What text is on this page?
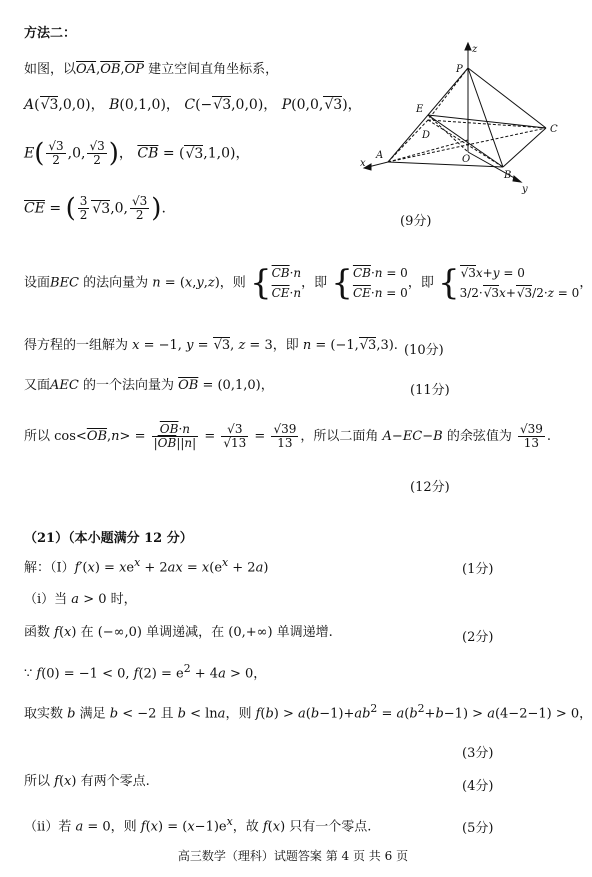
方法二：
如图，以$\overline{OA},\overline{OB},\overline{OP}$ 建立空间直角坐标系，
A(√3,0,0)， B(0,1,0)， C(−√3,0,0)， P(0,0,√3)，
$E( \frac{√3}{2} ,0$, $\frac{√3}{2}$ )， $\overline{CB} = (√3,1,0)$，
$\overline{CE}$ = ( $\frac{3}{2} √3,0$, $\frac{√3}{2}$ ).
(9分)
设面BEC 的法向量为 n = (x,y,z)，则 {$\overline{CB}\cdot n$
$\overline{CE}\cdot n$，即 {$\overline{CB}\cdot n = 0$
$\overline{CE}\cdot n = 0$，即 {√3x+y = 0
3/2·√3x+√3/2·z = 0，
得方程的一组解为 x = −1, y = √3, z = 3，即 n = (−1,√3,3). (10分)
又面AEC 的一个法向量为 $\overline{OB} = (0,1,0)$，	(11分)
所以 $\cos<\overline{OB},n> = \frac{\overline{OB}\cdot n}{|\overline{OB}||n|} = \frac{√3}{√13} = \frac{√39}{13}$ ，所以二面角 A−EC−B 的余弦值为 $\frac{√39}{13}$ .
(12分)
（21）（本小题满分 12 分）
解：（Ⅰ）f′(x) = $xe^x + 2ax = x(e^x + 2a)$	(1分)
（i）当 a > 0 时，
函数 f(x) 在 (−∞,0) 单调递减，在 (0,+∞) 单调递增.	(2分)
∵ f(0) = −1 < 0, $f(2) = e^2 + 4a > 0$，
取实数 b 满足 b < −2 且 b < lna，则 $f(b) > a(b-1)+ab^2 = a(b^2+b-1) > a(4-2-1) > 0$，
(3分)
所以 f(x) 有两个零点.	(4分)
（ii）若 a = 0，则 $f(x) = (x-1)e^x$，故 f(x) 只有一个零点.	(5分)
高三数学（理科）试题答案 第 4 页 共 6 页
z
P
E
D
C
A	O
B
x
y
